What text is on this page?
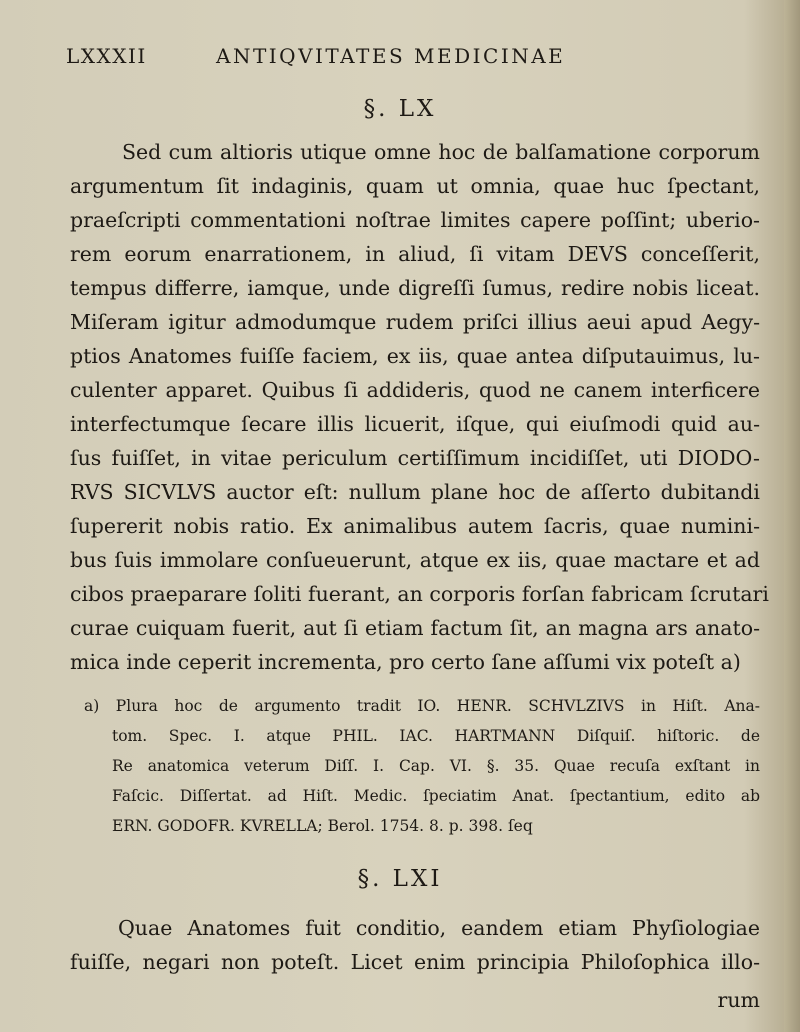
LXXXII	ANTIQVITATES MEDICINAE
§. LX
Sed cum altioris utique omne hoc de balſamatione corporum
argumentum ſit indaginis, quam ut omnia, quae huc ſpectant,
praeſcripti commentationi noſtrae limites capere poſſint; uberio-
rem eorum enarrationem, in aliud, ſi vitam DEVS conceſſerit,
tempus differre, iamque, unde digreſſi ſumus, redire nobis liceat.
Miſeram igitur admodumque rudem priſci illius aeui apud Aegy-
ptios Anatomes fuiſſe faciem, ex iis, quae antea diſputauimus, lu-
culenter apparet. Quibus ſi addideris, quod ne canem interficere
interfectumque ſecare illis licuerit, iſque, qui eiuſmodi quid au-
ſus fuiſſet, in vitae periculum certiſſimum incidiſſet, uti DIODO-
RVS SICVLVS auctor eſt: nullum plane hoc de aſſerto dubitandi
ſupererit nobis ratio. Ex animalibus autem ſacris, quae numini-
bus ſuis immolare conſueuerunt, atque ex iis, quae mactare et ad
cibos praeparare ſoliti fuerant, an corporis forſan fabricam ſcrutari
curae cuiquam fuerit, aut ſi etiam factum ſit, an magna ars anato-
mica inde ceperit incrementa, pro certo ſane aſſumi vix poteſt a)
a) Plura hoc de argumento tradit IO. HENR. SCHVLZIVS in Hiſt. Ana-
tom. Spec. I. atque PHIL. IAC. HARTMANN Diſquiſ. hiſtoric. de
Re anatomica veterum Diſſ. I. Cap. VI. §. 35. Quae recuſa exſtant in
Faſcic. Diſſertat. ad Hiſt. Medic. ſpeciatim Anat. ſpectantium, edito ab
ERN. GODOFR. KVRELLA; Berol. 1754. 8. p. 398. ſeq
§. LXI
Quae Anatomes fuit conditio, eandem etiam Phyſiologiae
fuiſſe, negari non poteſt. Licet enim principia Philoſophica illo-
rum
